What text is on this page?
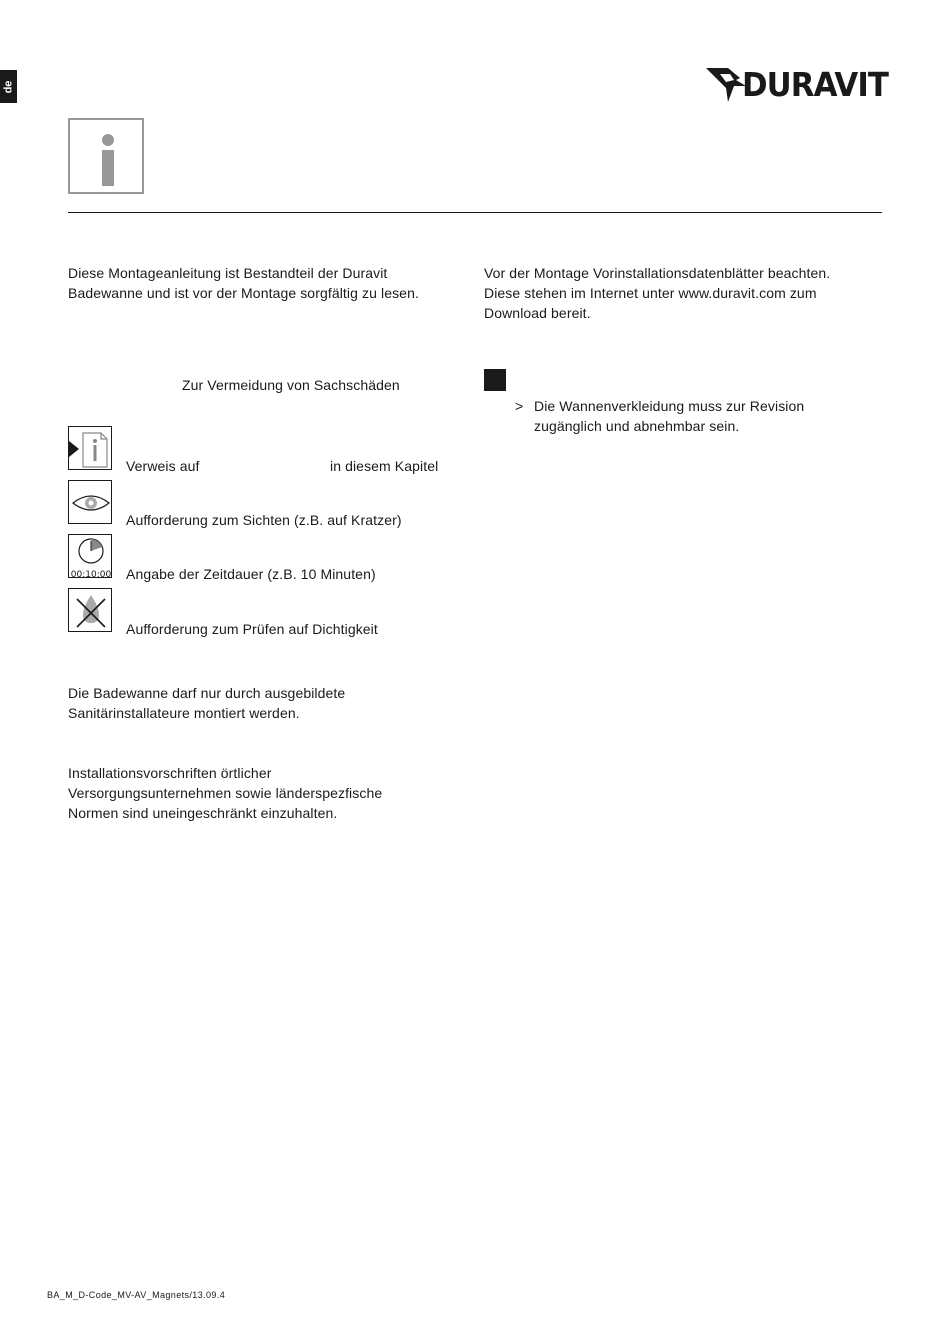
de	DURAVIT

Diese Montageanleitung ist Bestandteil der Duravit
Badewanne und ist vor der Montage sorgfältig zu lesen.

Vor der Montage Vorinstallationsdatenblätter beachten.
Diese stehen im Internet unter www.duravit.com zum
Download bereit.

Zur Vermeidung von Sachschäden
> Die Wannenverkleidung muss zur Revision
zugänglich und abnehmbar sein.

Verweis auf	in diesem Kapitel
Aufforderung zum Sichten (z.B. auf Kratzer)
00:10:00 Angabe der Zeitdauer (z.B. 10 Minuten)
Aufforderung zum Prüfen auf Dichtigkeit

Die Badewanne darf nur durch ausgebildete
Sanitärinstallateure montiert werden.

Installationsvorschriften örtlicher
Versorgungsunternehmen sowie länderspezfische
Normen sind uneingeschränkt einzuhalten.

BA_M_D-Code_MV-AV_Magnets/13.09.4
